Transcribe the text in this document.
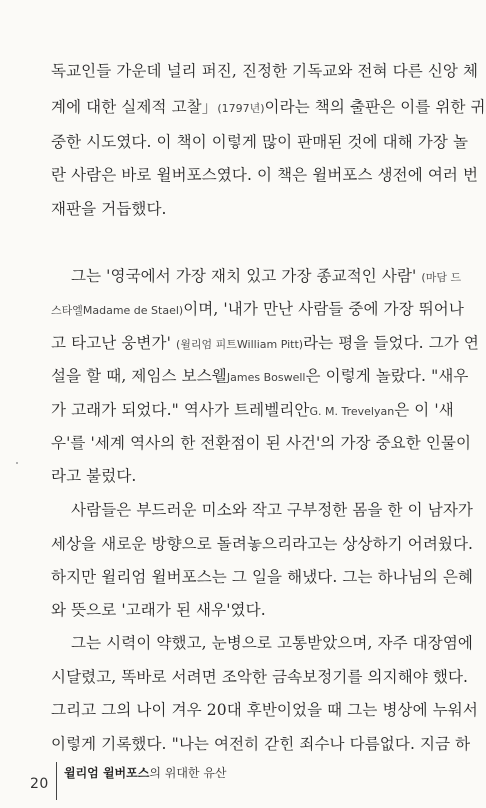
독교인들 가운데 널리 퍼진, 진정한 기독교와 전혀 다른 신앙 체
계에 대한 실제적 고찰」(1797년)이라는 책의 출판은 이를 위한 귀
중한 시도였다. 이 책이 이렇게 많이 판매된 것에 대해 가장 놀
란 사람은 바로 윌버포스였다. 이 책은 윌버포스 생전에 여러 번
재판을 거듭했다.
그는 '영국에서 가장 재치 있고 가장 종교적인 사람' (마담 드
스타엘Madame de Stael)이며, '내가 만난 사람들 중에 가장 뛰어나
고 타고난 웅변가' (윌리엄 피트William Pitt)라는 평을 들었다. 그가 연
설을 할 때, 제임스 보스웰James Boswell은 이렇게 놀랐다. "새우
가 고래가 되었다." 역사가 트레벨리안G. M. Trevelyan은 이 '새
우'를 '세계 역사의 한 전환점이 된 사건'의 가장 중요한 인물이
라고 불렀다.
사람들은 부드러운 미소와 작고 구부정한 몸을 한 이 남자가
세상을 새로운 방향으로 돌려놓으리라고는 상상하기 어려웠다.
하지만 윌리엄 윌버포스는 그 일을 해냈다. 그는 하나님의 은혜
와 뜻으로 '고래가 된 새우'였다.
그는 시력이 약했고, 눈병으로 고통받았으며, 자주 대장염에
시달렸고, 똑바로 서려면 조악한 금속보정기를 의지해야 했다.
그리고 그의 나이 겨우 20대 후반이었을 때 그는 병상에 누워서
20
윌리엄 윌버포스의 위대한 유산
이렇게 기록했다. "나는 여전히 갇힌 죄수나 다름없다. 지금 하
